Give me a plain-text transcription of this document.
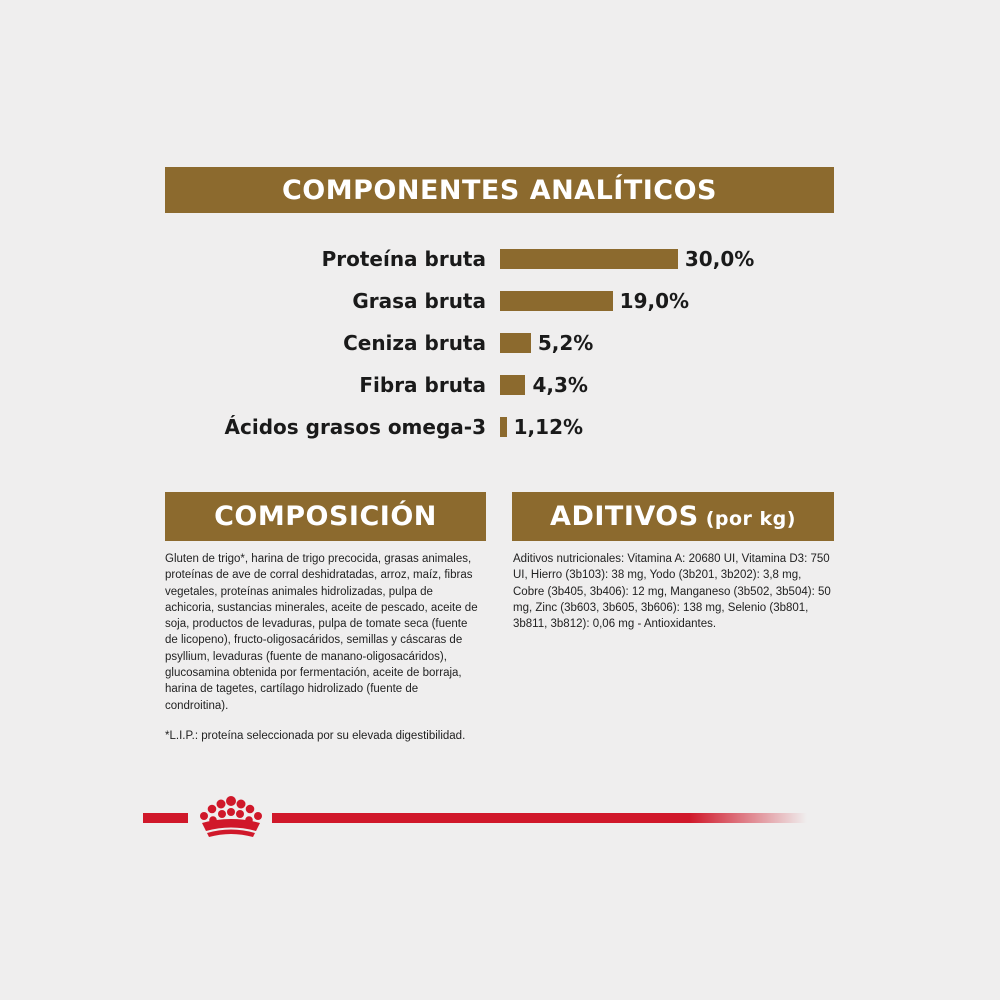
COMPONENTES ANALÍTICOS
Proteína bruta	30,0%
Grasa bruta	19,0%
Ceniza bruta	5,2%
Fibra bruta 4,3%
Ácidos grasos omega-3 1,12%
COMPOSICIÓN	ADITIVOS (por kg)
Gluten de trigo*, harina de trigo precocida, grasas animales, proteínas de ave de corral deshidratadas, arroz, maíz, fibras vegetales, proteínas animales hidrolizadas, pulpa de achicoria, sustancias minerales, aceite de pescado, aceite de soja, productos de levaduras, pulpa de tomate seca (fuente de licopeno), fructo-oligosacáridos, semillas y cáscaras de psyllium, levaduras (fuente de manano-oligosacáridos), glucosamina obtenida por fermentación, aceite de borraja, harina de tagetes, cartílago hidrolizado (fuente de condroitina).
*L.I.P.: proteína seleccionada por su elevada digestibilidad.
Aditivos nutricionales: Vitamina A: 20680 UI, Vitamina D3: 750 UI, Hierro (3b103): 38 mg, Yodo (3b201, 3b202): 3,8 mg, Cobre (3b405, 3b406): 12 mg, Manganeso (3b502, 3b504): 50 mg, Zinc (3b603, 3b605, 3b606): 138 mg, Selenio (3b801, 3b811, 3b812): 0,06 mg - Antioxidantes.
